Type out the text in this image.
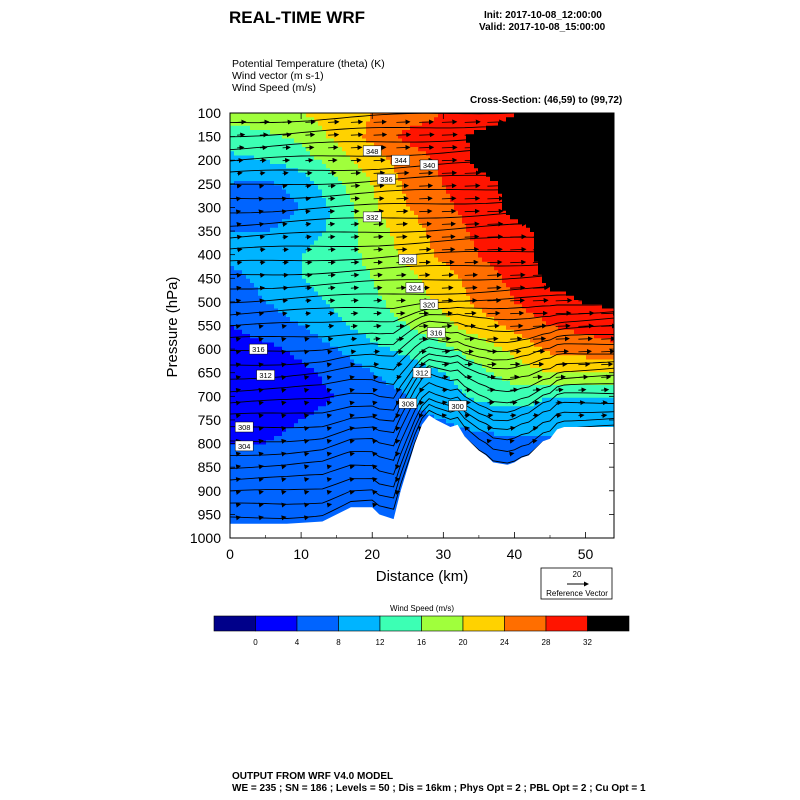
REAL-TIME WRF	Init: 2017-10-08_12:00:00
Valid: 2017-10-08_15:00:00
Potential Temperature (theta) (K)
Wind vector (m s-1)
Wind Speed (m/s)
Cross-Section: (46,59) to (99,72)
348
344
340
336
332
328
324
320
316
316
312	312
308
308
304
300
100
150
200
250
300
350
400
450
500
550
600
650
700
750
800
850
900
950
1000
0	10	20	30	40	50
Distance (km)
Pressure (hPa)
20
Reference Vector
Wind Speed (m/s)
0	4	8	12	16	20	24	28	32
OUTPUT FROM WRF V4.0 MODEL
WE = 235 ; SN = 186 ; Levels = 50 ; Dis = 16km ; Phys Opt = 2 ; PBL Opt = 2 ; Cu Opt = 1
